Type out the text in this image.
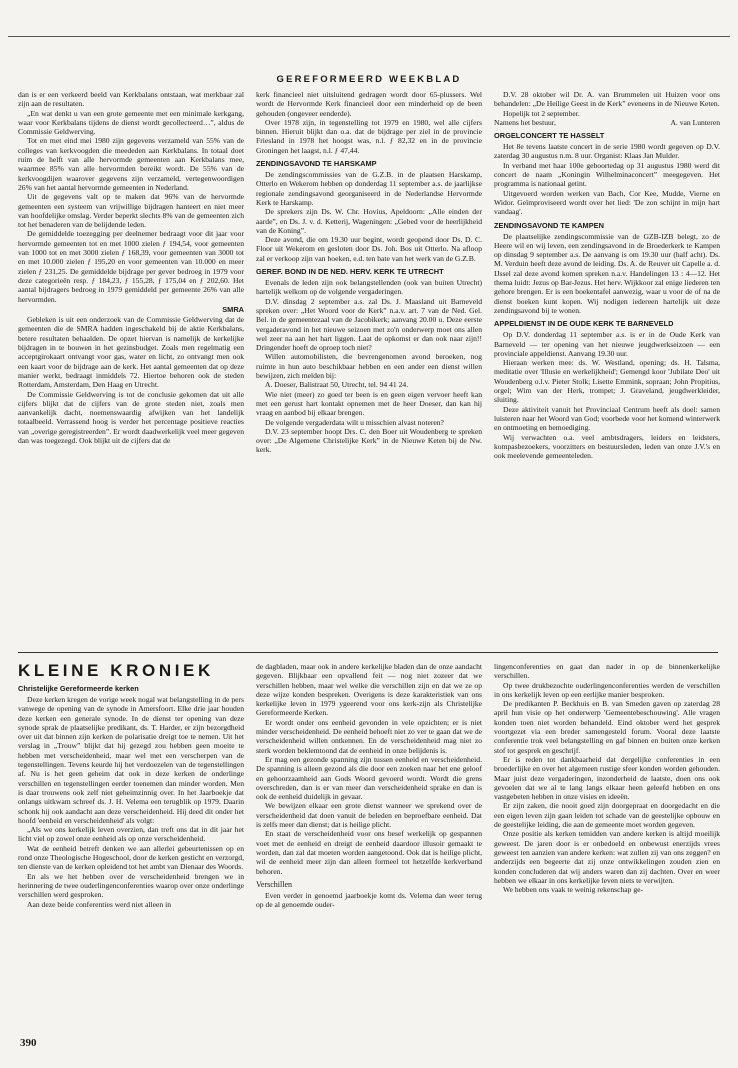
GEREFORMEERD WEEKBLAD

dan is er een verkeerd beeld van Kerkbalans ontstaan, wat merkbaar zal zijn aan de resultaten.

„En wat denkt u van een grote gemeente met een minimale kerkgang, waar voor Kerkbalans tijdens de dienst wordt gecollecteerd…”, aldus de Commissie Geldwerving.

Tot en met eind mei 1980 zijn gegevens verzameld van 55% van de colleges van kerkvoogden die meededen aan Kerkbalans. In totaal doet ruim de helft van alle hervormde gemeenten aan Kerkbalans mee, waarmee 85% van alle hervormden bereikt wordt. De 55% van de kerkvoogdijen waarover gegevens zijn verzameld, vertegenwoordigen 26% van het aantal hervormde gemeenten in Nederland.

Uit de gegevens valt op te maken dat 96% van de hervormde gemeenten een systeem van vrijwillige bijdragen hanteert en niet meer van hoofdelijke omslag. Verder beperkt slechts 8% van de gemeenten zich tot het benaderen van de belijdende leden.

De gemiddelde toezegging per deelnemer bedraagt voor dit jaar voor hervormde gemeenten tot en met 1000 zielen ƒ 194,54, voor gemeenten van 1000 tot en met 3000 zielen ƒ 168,39, voor gemeenten van 3000 tot en met 10.000 zielen ƒ 195,20 en voor gemeenten van 10.000 en meer zielen ƒ 231,25. De gemiddelde bijdrage per gever bedroeg in 1979 voor deze categorieën resp. ƒ 184,23, ƒ 155,28, ƒ 175,04 en ƒ 202,60. Het aantal bijdragers bedroeg in 1979 gemiddeld per gemeente 26% van alle hervormden.

SMRA

Gebleken is uit een onderzoek van de Commissie Geldwerving dat de gemeenten die de SMRA hadden ingeschakeld bij de aktie Kerkbalans, betere resultaten behaalden. De opzet hiervan is namelijk de kerkelijke bijdragen in te bouwen in het gezinsbudget. Zoals men regelmatig een acceptgirokaart ontvangt voor gas, water en licht, zo ontvangt men ook een kaart voor de bijdrage aan de kerk. Het aantal gemeenten dat op deze manier werkt, bedraagt inmiddels 72. Hiertoe behoren ook de steden Rotterdam, Amsterdam, Den Haag en Utrecht.

De Commissie Geldwerving is tot de conclusie gekomen dat uit alle cijfers blijkt dat de cijfers van de grote steden niet, zoals men aanvankelijk dacht, noemenswaardig afwijken van het landelijk totaalbeeld. Verrassend hoog is verder het percentage positieve reacties van „overige geregistreerden”. Er wordt daadwerkelijk veel meer gegeven dan was toegezegd. Ook blijkt uit de cijfers dat de

kerk financieel niet uitsluitend gedragen wordt door 65-plussers. Wel wordt de Hervormde Kerk financieel door een minderheid op de been gehouden (ongeveer eenderde).

Over 1978 zijn, in tegenstelling tot 1979 en 1980, wel alle cijfers binnen. Hieruit blijkt dan o.a. dat de bijdrage per ziel in de provincie Friesland in 1978 het hoogst was, n.l. ƒ 82,32 en in de provincie Groningen het laagst, n.l. ƒ 47,44.

ZENDINGSAVOND TE HARSKAMP

De zendingscommissies van de G.Z.B. in de plaatsen Harskamp, Otterlo en Wekerom hebben op donderdag 11 september a.s. de jaarlijkse regionale zendingsavond georganiseerd in de Nederlandse Hervormde Kerk te Harskamp.

De sprekers zijn Ds. W. Chr. Hovius, Apeldoorn: „Alle einden der aarde”, en Ds. J. v. d. Ketterij, Wageningen: „Gebed voor de heerlijkheid van de Koning”.

Deze avond, die om 19.30 uur begint, wordt geopend door Ds. D. C. Floor uit Wekerom en gesloten door Ds. Joh. Bos uit Otterlo. Na afloop zal er verkoop zijn van boeken, e.d. ten bate van het werk van de G.Z.B.

GEREF. BOND IN DE NED. HERV. KERK TE UTRECHT

Evenals de leden zijn ook belangstellenden (ook van buiten Utrecht) hartelijk welkom op de volgende vergaderingen.

D.V. dinsdag 2 september a.s. zal Ds. J. Maasland uit Barneveld spreken over: „Het Woord voor de Kerk” n.a.v. art. 7 van de Ned. Gel. Bel. in de gemeentezaal van de Jacobikerk; aanvang 20.00 u. Deze eerste vergaderavond in het nieuwe seizoen met zo'n onderwerp moet ons allen wel zeer na aan het hart liggen. Laat de opkomst er dan ook naar zijn!! Dringender hoeft de oproep toch niet?

Willen automobilisten, die bevrengenomen avond beroeken, nog ruimte in hun auto beschikbaar hebben en een ander een dienst willen bewijzen, zich melden bij:

A. Doeser, Balistraat 50, Utrecht, tel. 94 41 24.

Wie niet (meer) zo goed ter been is en geen eigen vervoer heeft kan met een gerust hart kontakt opnemen met de heer Doeser, dan kan hij vraag en aanbod bij elkaar brengen.

De volgende vergaderdata wilt u misschien alvast noteren?

D.V. 23 september hoopt Drs. C. den Boer uit Woudenberg te spreken over: „De Algemene Christelijke Kerk” in de Nieuwe Keten bij de Nw. kerk.

D.V. 28 oktober wil Dr. A. van Brummelen uit Huizen voor ons behandelen: „De Heilige Geest in de Kerk” eveneens in de Nieuwe Keten.

Hopelijk tot 2 september.

Namens het bestuur,	A. van Lunteren
ORGELCONCERT TE HASSELT

Het 8e tevens laatste concert in de serie 1980 wordt gegeven op D.V. zaterdag 30 augustus n.m. 8 uur. Organist: Klaas Jan Mulder.

In verband met haar 100e geboortedag op 31 augustus 1980 werd dit concert de naam „Koningin Wilhelminaconcert” meegegeven. Het programma is nationaal getint.

Uitgevoerd worden werken van Bach, Cor Kee, Mudde, Vierne en Widor. Geïmproviseerd wordt over het lied: 'De zon schijnt in mijn hart vandaag'.

ZENDINGSAVOND TE KAMPEN

De plaatselijke zendingscommissie van de GZB-IZB belegt, zo de Heere wil en wij leven, een zendingsavond in de Broederkerk te Kampen op dinsdag 9 september a.s. De aanvang is om 19.30 uur (half acht). Ds. M. Verduin heeft deze avond de leiding. Ds. A. de Reuver uit Capelle a. d. IJssel zal deze avond komen spreken n.a.v. Handelingen 13 : 4—12. Het thema luidt: Jezus op Bar-Jezus. Het herv. Wijkkoor zal enige liederen ten gehore brengen. Er is een boekentafel aanwezig, waar u voor de of na de dienst boeken kunt kopen. Wij nodigen iedereen hartelijk uit deze zendingsavond bij te wonen.

APPELDIENST IN DE OUDE KERK TE BARNEVELD

Op D.V. donderdag 11 september a.s. is er in de Oude Kerk van Barneveld — ter opening van het nieuwe jeugdwerkseizoen — een provinciale appeldienst. Aanvang 19.30 uur.

Hieraan werken mee: ds. W. Westland, opening; ds. H. Talsma, meditatie over 'Illusie en werkelijkheid'; Gemengd koor 'Jubilate Deo' uit Woudenberg o.l.v. Pieter Stolk; Lisette Emmink, sopraan; John Propitius, orgel; Wim van der Herk, trompet; J. Graveland, jeugdwerkleider, sluiting.

Deze aktiviteit vanuit het Provinciaal Centrum heeft als doel: samen luisteren naar het Woord van God; voorbede voor het komend winterwerk en ontmoeting en bemoediging.

Wij verwachten o.a. veel ambtsdragers, leiders en leidsters, kompasbezoekers, voorzitters en bestuursleden, leden van onze J.V.'s en ook meelevende gemeenteleden.

KLEINE KRONIEK
Christelijke Gereformeerde kerken

Deze kerken kregen de vorige week nogal wat belangstelling in de pers vanwege de opening van de synode in Amersfoort. Elke drie jaar houden deze kerken een generale synode. In de dienst ter opening van deze synode sprak de plaatselijke predikant, ds. T. Harder, er zijn bezorgdheid over uit dat binnen zijn kerken de polarisatie dreigt toe te nemen. Uit het verslag in „Trouw” blijkt dat hij gezegd zou hebben geen moeite te hebben met verscheidenheid, maar wel met een verscherpen van de tegenstellingen. Tevens keurde hij het verdoezelen van de tegenstellingen af. Nu is het geen geheim dat ook in deze kerken de onderlinge verschillen en tegenstellingen eerder toenemen dan minder worden. Men is daar trouwens ook zelf niet geheimzinnig over. In het Jaarboekje dat onlangs uitkwam schreef ds. J. H. Velema een terugblik op 1979. Daarin schonk hij ook aandacht aan deze verscheidenheid. Hij deed dit onder het hoofd 'eenheid en verscheidenheid' als volgt:

„Als we ons kerkelijk leven overzien, dan treft ons dat in dit jaar het licht viel op zowel onze eenheid als op onze verscheidenheid.

Wat de eenheid betreft denken we aan allerlei gebeurtenissen op en rond onze Theologische Hogeschool, door de kerken gesticht en verzorgd, ten dienste van de kerken opleidend tot het ambt van Dienaar des Woords.

En als we het hebben over de verscheidenheid brengen we in herinnering de twee ouderlingenconferenties waarop over onze onderlinge verschillen werd gesproken.

Aan deze beide conferenties werd niet alleen in

de dagbladen, maar ook in andere kerkelijke bladen dan de onze aandacht gegeven. Blijkbaar een opvallend feit — nog niet zozeer dat we verschillen hebben, maar wel welke die verschillen zijn en dat we ze op deze wijze konden bespreken. Overigens is deze karakteristiek van ons kerkelijke leven in 1979 ygeerend voor ons kerk-zijn als Christelijke Gereformeerde Kerken.

Er wordt onder ons eenheid gevonden in vele opzichten; er is niet minder verscheidenheid. De eenheid behoeft niet zo ver te gaan dat we de verscheidenheid willen ontkennen. En de verscheidenheid mag niet zo sterk worden beklemtoond dat de eenheid in onze belijdenis is.

Er mag een gezonde spanning zijn tussen eenheid en verscheidenheid. De spanning is alleen gezond als die door een zoeken naar het ene geloof en gehoorzaamheid aan Gods Woord gevoerd wordt. Wordt die grens overschreden, dan is er van meer dan verscheidenheid sprake en dan is ook de eenheid duidelijk in gevaar.

We bewijzen elkaar een grote dienst wanneer we sprekend over de verscheidenheid dat doen vanuit de beleden en beproefbare eenheid. Dat is zelfs meer dan dienst; dat is heilige plicht.

En staat de verscheidenheid voor ons besef werkelijk op gespannen voet met de eenheid en dreigt de eenheid daardoor illusoir gemaakt te worden, dan zal dat moeten worden aangetoond. Ook dat is heilige plicht, wil de eenheid meer zijn dan alleen formeel tot hetzelfde kerkverband behoren.

Verschillen

Even verder in genoemd jaarboekje komt ds. Velema dan weer terug op de al genoemde ouder-

lingenconferenties en gaat dan nader in op de binnenkerkelijke verschillen.

Op twee drukbezochte ouderlingenconferenties werden de verschillen in ons kerkelijk leven op een eerlijke manier besproken.

De predikanten P. Beckhuis en B. van Smeden gaven op zaterdag 28 april hun visie op het onderwerp 'Gemeentebeschouwing'. Alle vragen konden toen niet worden behandeld. Eind oktober werd het gesprek voortgezet via een breder samengesteld forum. Vooral deze laatste conferentie trok veel belangstelling en gaf binnen en buiten onze kerken stof tot gesprek en geschrijf.

Er is reden tot dankbaarheid dat dergelijke conferenties in een broederlijke en over het algemeen rustige sfeer konden worden gehouden. Maar juist deze vergaderingen, inzonderheid de laatste, doen ons ook gevoelen dat we al te lang langs elkaar heen geleefd hebben en ons vastgebeten hebben in onze visies en ideeën.

Er zijn zaken, die nooit goed zijn doorgepraat en doorgedacht en die een eigen leven zijn gaan leiden tot schade van de geestelijke opbouw en de geestelijke leiding, die aan de gemeente moet worden gegeven.

Onze positie als kerken temidden van andere kerken is altijd moeilijk geweest. De jaren door is er onbedoeld en onbewust enerzijds vrees geweest ten aanzien van andere kerken: wat zullen zij van ons zeggen? en anderzijds een begeerte dat zij onze ontwikkelingen zouden zien en konden concluderen dat wij anders waren dan zij dachten. Over en weer hebben we elkaar in ons kerkelijke leven niets te verwijten.

We hebben ons vaak te weinig rekenschap ge-

390
